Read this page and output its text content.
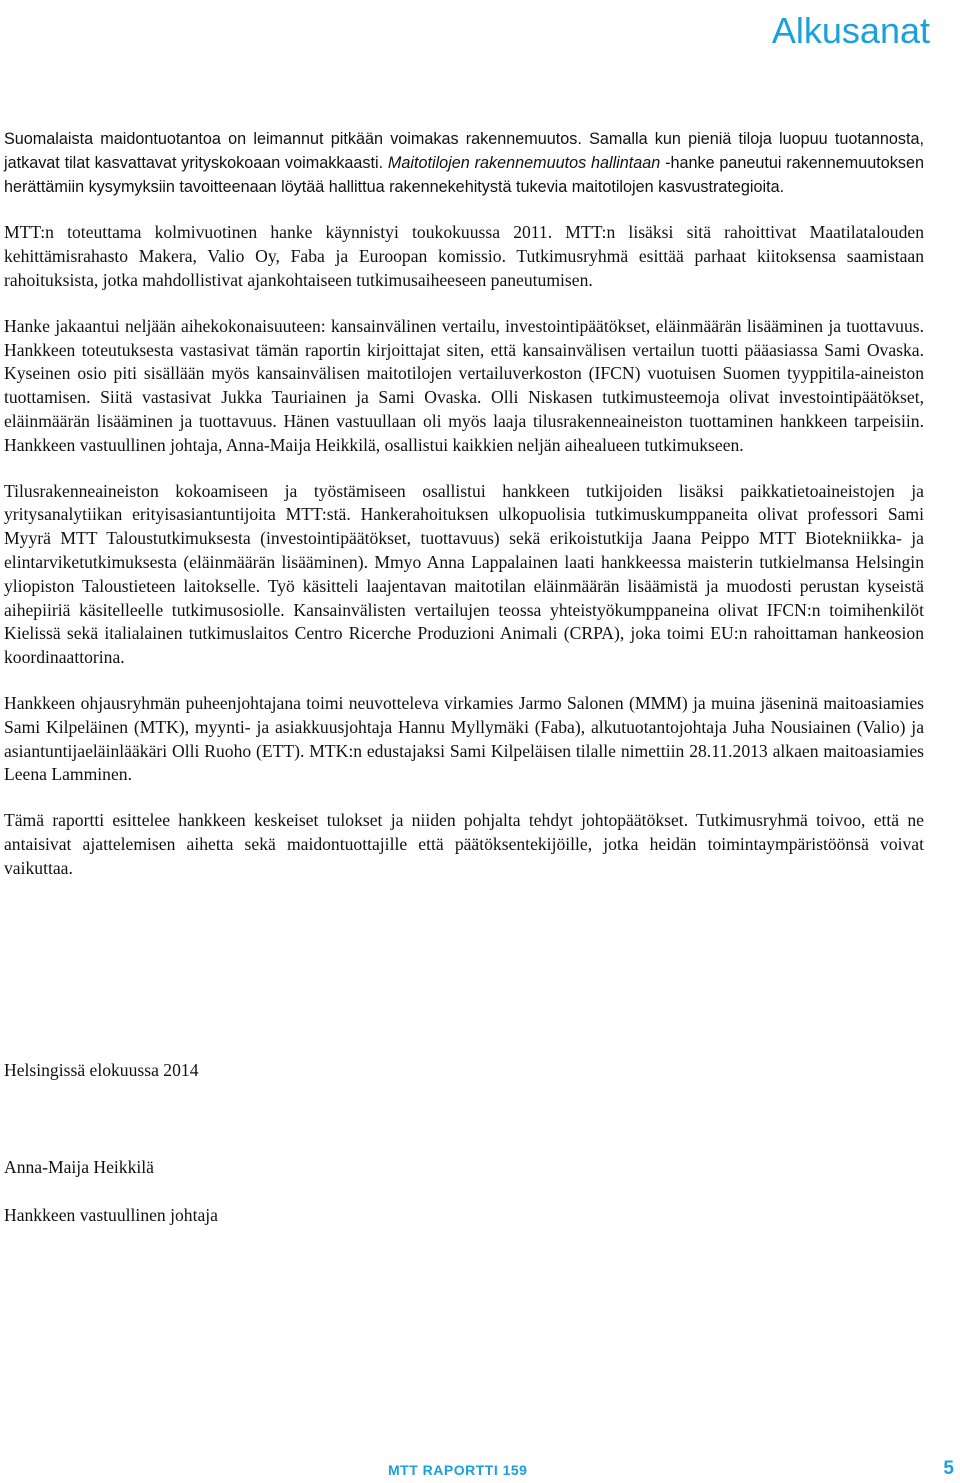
Alkusanat

Suomalaista maidontuotantoa on leimannut pitkään voimakas rakennemuutos. Samalla kun pieniä tiloja luopuu tuotannosta, jatkavat tilat kasvattavat yrityskokoaan voimakkaasti. Maitotilojen rakennemuutos hallintaan -hanke paneutui rakennemuutoksen herättämiin kysymyksiin tavoitteenaan löytää hallittua rakennekehitystä tukevia maitotilojen kasvustrategioita.

MTT:n toteuttama kolmivuotinen hanke käynnistyi toukokuussa 2011. MTT:n lisäksi sitä rahoittivat Maatilatalouden kehittämisrahasto Makera, Valio Oy, Faba ja Euroopan komissio. Tutkimusryhmä esittää parhaat kiitoksensa saamistaan rahoituksista, jotka mahdollistivat ajankohtaiseen tutkimusaiheeseen paneutumisen.

Hanke jakaantui neljään aihekokonaisuuteen: kansainvälinen vertailu, investointipäätökset, eläinmäärän lisääminen ja tuottavuus. Hankkeen toteutuksesta vastasivat tämän raportin kirjoittajat siten, että kansainvälisen vertailun tuotti pääasiassa Sami Ovaska. Kyseinen osio piti sisällään myös kansainvälisen maitotilojen vertailuverkoston (IFCN) vuotuisen Suomen tyyppitila-aineiston tuottamisen. Siitä vastasivat Jukka Tauriainen ja Sami Ovaska. Olli Niskasen tutkimusteemoja olivat investointipäätökset, eläinmäärän lisääminen ja tuottavuus. Hänen vastuullaan oli myös laaja tilusrakenneaineiston tuottaminen hankkeen tarpeisiin. Hankkeen vastuullinen johtaja, Anna-Maija Heikkilä, osallistui kaikkien neljän aihealueen tutkimukseen.

Tilusrakenneaineiston kokoamiseen ja työstämiseen osallistui hankkeen tutkijoiden lisäksi paikkatietoaineistojen ja yritysanalytiikan erityisasiantuntijoita MTT:stä. Hankerahoituksen ulkopuolisia tutkimuskumppaneita olivat professori Sami Myyrä MTT Taloustutkimuksesta (investointipäätökset, tuottavuus) sekä erikoistutkija Jaana Peippo MTT Biotekniikka- ja elintarviketutkimuksesta (eläinmäärän lisääminen). Mmyo Anna Lappalainen laati hankkeessa maisterin tutkielmansa Helsingin yliopiston Taloustieteen laitokselle. Työ käsitteli laajentavan maitotilan eläinmäärän lisäämistä ja muodosti perustan kyseistä aihepiiriä käsitelleelle tutkimusosiolle. Kansainvälisten vertailujen teossa yhteistyökumppaneina olivat IFCN:n toimihenkilöt Kielissä sekä italialainen tutkimuslaitos Centro Ricerche Produzioni Animali (CRPA), joka toimi EU:n rahoittaman hankeosion koordinaattorina.

Hankkeen ohjausryhmän puheenjohtajana toimi neuvotteleva virkamies Jarmo Salonen (MMM) ja muina jäseninä maitoasiamies Sami Kilpeläinen (MTK), myynti- ja asiakkuusjohtaja Hannu Myllymäki (Faba), alkutuotantojohtaja Juha Nousiainen (Valio) ja asiantuntijaeläinlääkäri Olli Ruoho (ETT). MTK:n edustajaksi Sami Kilpeläisen tilalle nimettiin 28.11.2013 alkaen maitoasiamies Leena Lamminen.

Tämä raportti esittelee hankkeen keskeiset tulokset ja niiden pohjalta tehdyt johtopäätökset. Tutkimusryhmä toivoo, että ne antaisivat ajattelemisen aihetta sekä maidontuottajille että päätöksentekijöille, jotka heidän toimintaympäristöönsä voivat vaikuttaa.

Helsingissä elokuussa 2014

Anna-Maija Heikkilä

Hankkeen vastuullinen johtaja

MTT RAPORTTI 159	5
